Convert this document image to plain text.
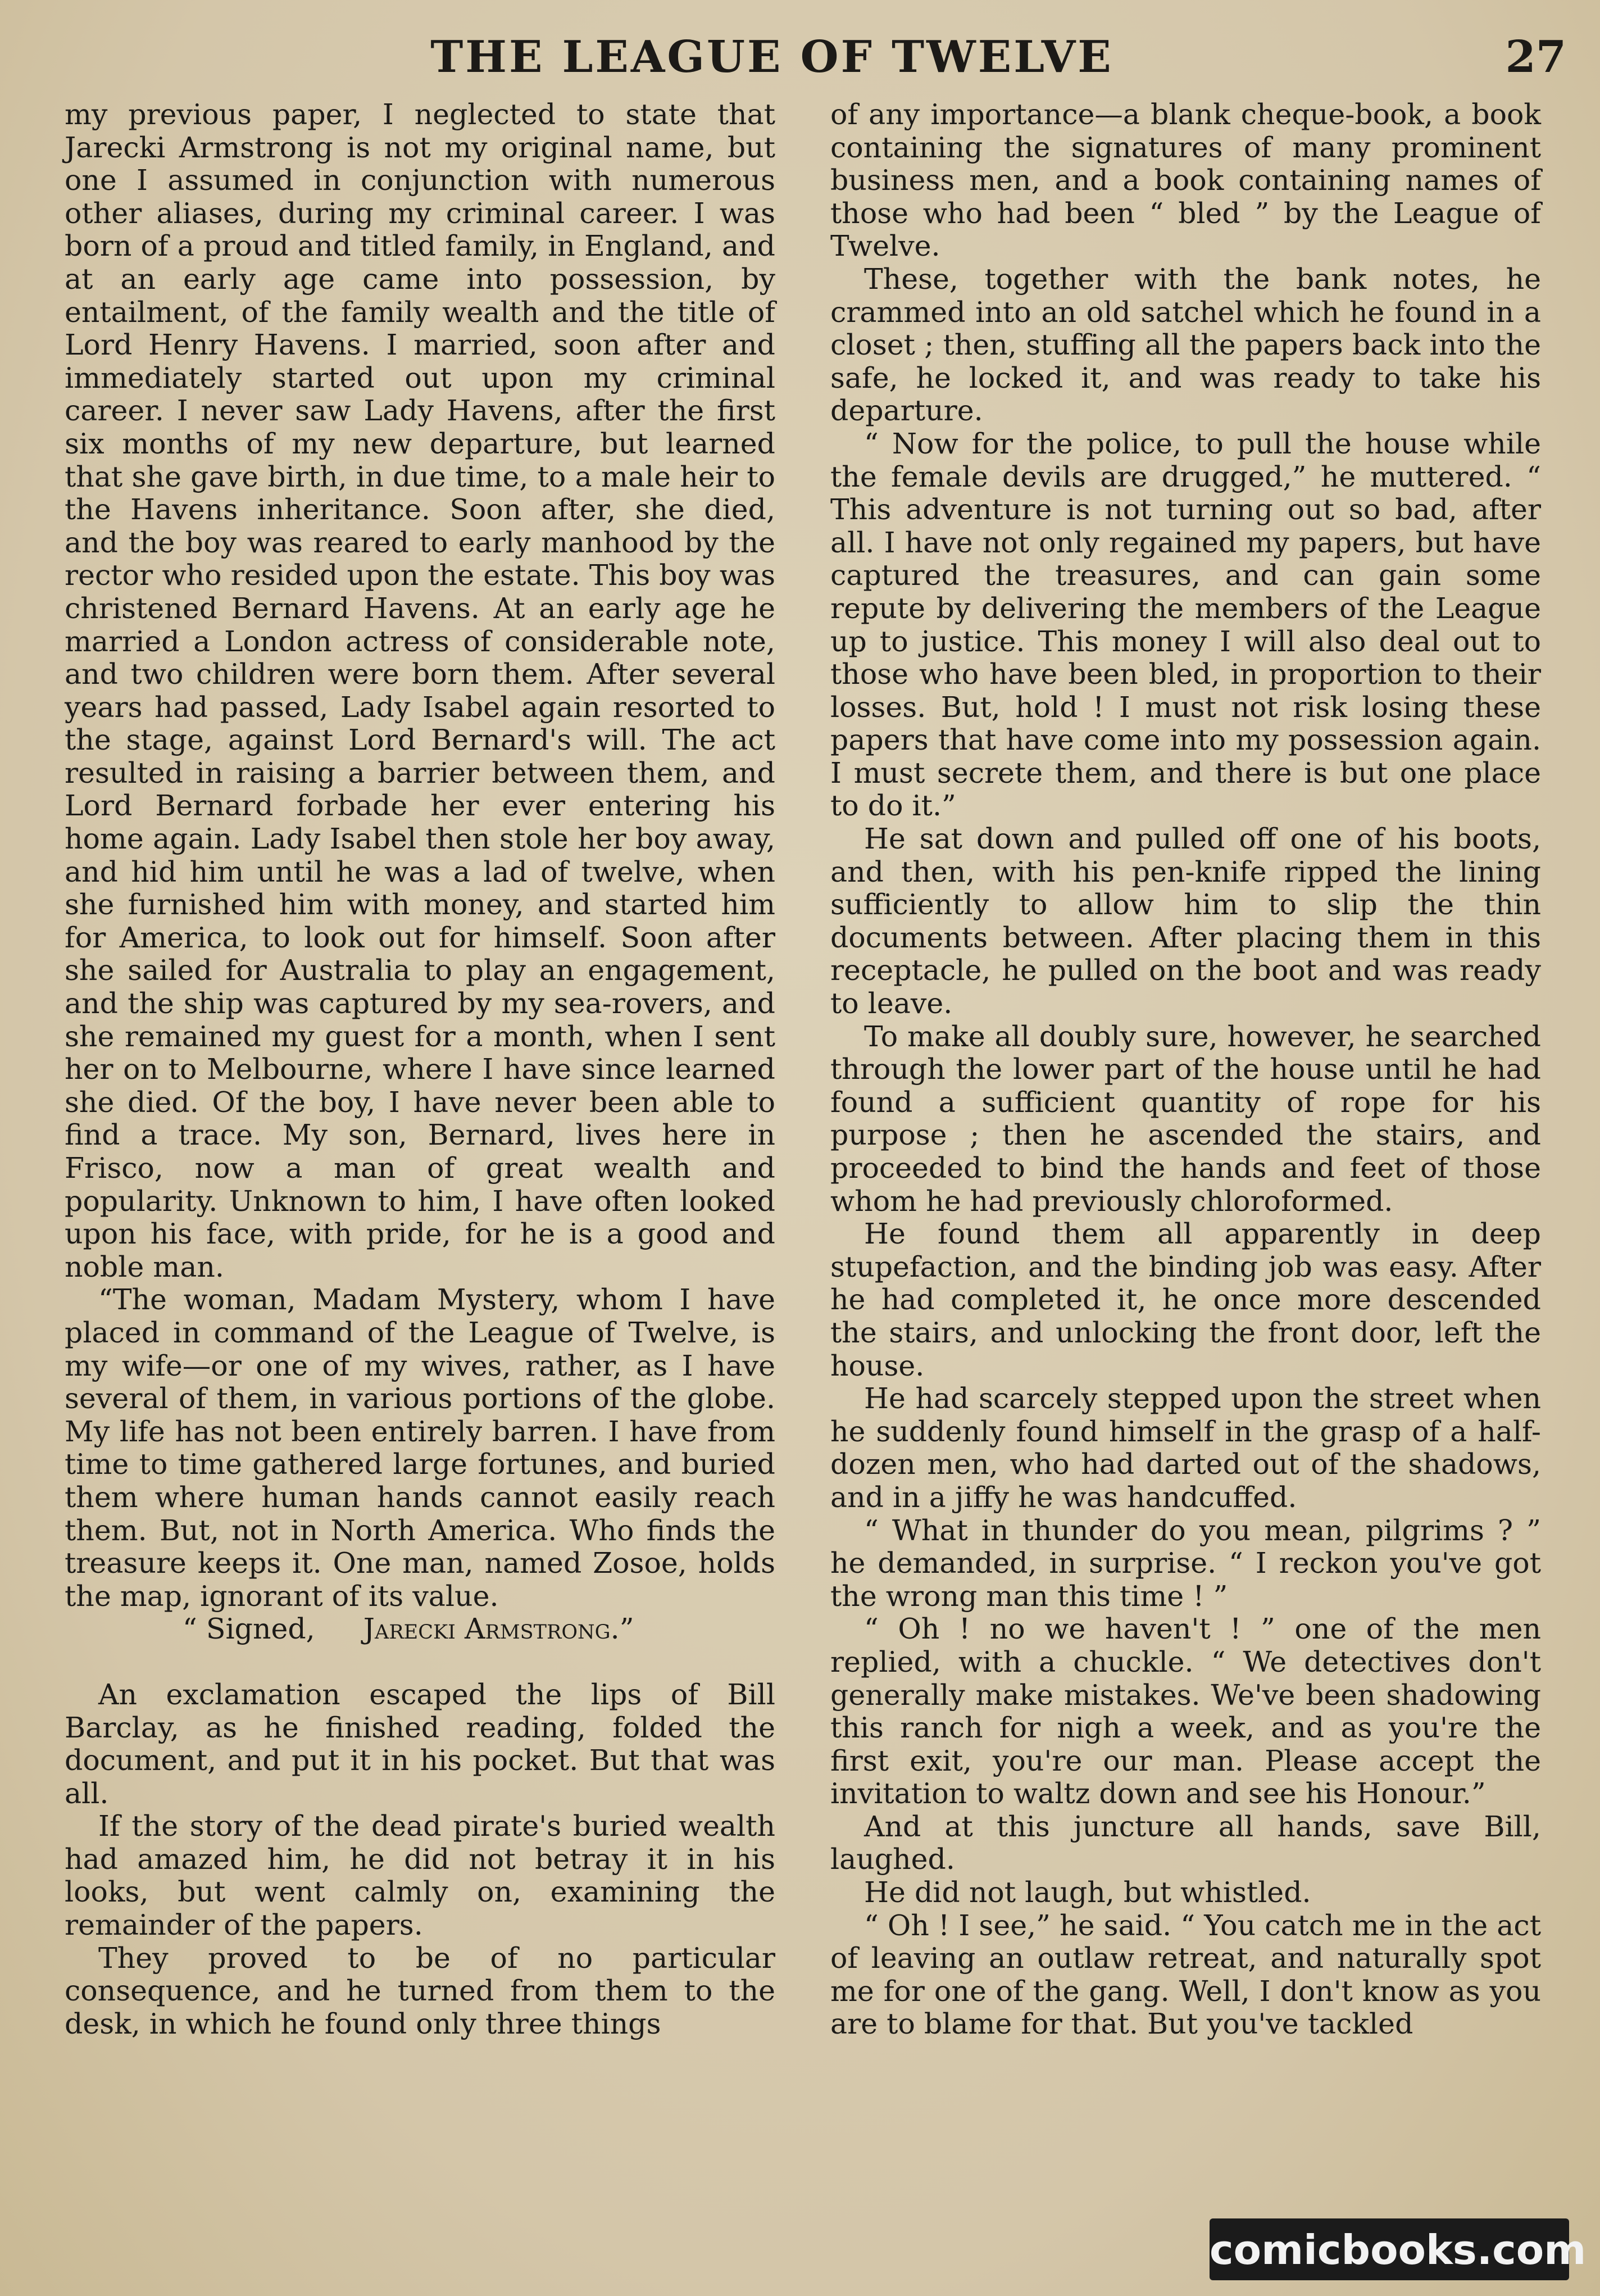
THE LEAGUE OF TWELVE	27

my previous paper, I neglected to state that Jarecki Armstrong is not my original name, but one I assumed in conjunction with numerous other aliases, during my criminal career. I was born of a proud and titled family, in England, and at an early age came into possession, by entailment, of the family wealth and the title of Lord Henry Havens. I married, soon after and immediately started out upon my criminal career. I never saw Lady Havens, after the first six months of my new departure, but learned that she gave birth, in due time, to a male heir to the Havens inheritance. Soon after, she died, and the boy was reared to early manhood by the rector who resided upon the estate. This boy was christened Bernard Havens. At an early age he married a London actress of considerable note, and two children were born them. After several years had passed, Lady Isabel again resorted to the stage, against Lord Bernard's will. The act resulted in raising a barrier between them, and Lord Bernard forbade her ever entering his home again. Lady Isabel then stole her boy away, and hid him until he was a lad of twelve, when she furnished him with money, and started him for America, to look out for himself. Soon after she sailed for Australia to play an engagement, and the ship was captured by my sea-rovers, and she remained my guest for a month, when I sent her on to Melbourne, where I have since learned she died. Of the boy, I have never been able to find a trace. My son, Bernard, lives here in Frisco, now a man of great wealth and popularity. Unknown to him, I have often looked upon his face, with pride, for he is a good and noble man.

“The woman, Madam Mystery, whom I have placed in command of the League of Twelve, is my wife—or one of my wives, rather, as I have several of them, in various portions of the globe. My life has not been entirely barren. I have from time to time gathered large fortunes, and buried them where human hands cannot easily reach them. But, not in North America. Who finds the treasure keeps it. One man, named Zosoe, holds the map, ignorant of its value.

“ Signed, Jarecki Armstrong.”

An exclamation escaped the lips of Bill Barclay, as he finished reading, folded the document, and put it in his pocket. But that was all.

If the story of the dead pirate's buried wealth had amazed him, he did not betray it in his looks, but went calmly on, examining the remainder of the papers.

They proved to be of no particular consequence, and he turned from them to the desk, in which he found only three things

of any importance—a blank cheque-book, a book containing the signatures of many prominent business men, and a book containing names of those who had been “ bled ” by the League of Twelve.

These, together with the bank notes, he crammed into an old satchel which he found in a closet ; then, stuffing all the papers back into the safe, he locked it, and was ready to take his departure.

“ Now for the police, to pull the house while the female devils are drugged,” he muttered. “ This adventure is not turning out so bad, after all. I have not only regained my papers, but have captured the treasures, and can gain some repute by delivering the members of the League up to justice. This money I will also deal out to those who have been bled, in proportion to their losses. But, hold ! I must not risk losing these papers that have come into my possession again. I must secrete them, and there is but one place to do it.”

He sat down and pulled off one of his boots, and then, with his pen-knife ripped the lining sufficiently to allow him to slip the thin documents between. After placing them in this receptacle, he pulled on the boot and was ready to leave.

To make all doubly sure, however, he searched through the lower part of the house until he had found a sufficient quantity of rope for his purpose ; then he ascended the stairs, and proceeded to bind the hands and feet of those whom he had previously chloroformed.

He found them all apparently in deep stupefaction, and the binding job was easy. After he had completed it, he once more descended the stairs, and unlocking the front door, left the house.

He had scarcely stepped upon the street when he suddenly found himself in the grasp of a half-dozen men, who had darted out of the shadows, and in a jiffy he was handcuffed.

“ What in thunder do you mean, pilgrims ? ” he demanded, in surprise. “ I reckon you've got the wrong man this time ! ”

“ Oh ! no we haven't ! ” one of the men replied, with a chuckle. “ We detectives don't generally make mistakes. We've been shadowing this ranch for nigh a week, and as you're the first exit, you're our man. Please accept the invitation to waltz down and see his Honour.”

And at this juncture all hands, save Bill, laughed.

He did not laugh, but whistled.

“ Oh ! I see,” he said. “ You catch me in the act of leaving an outlaw retreat, and naturally spot me for one of the gang. Well, I don't know as you are to blame for that. But you've tackled

comicbooks.com
